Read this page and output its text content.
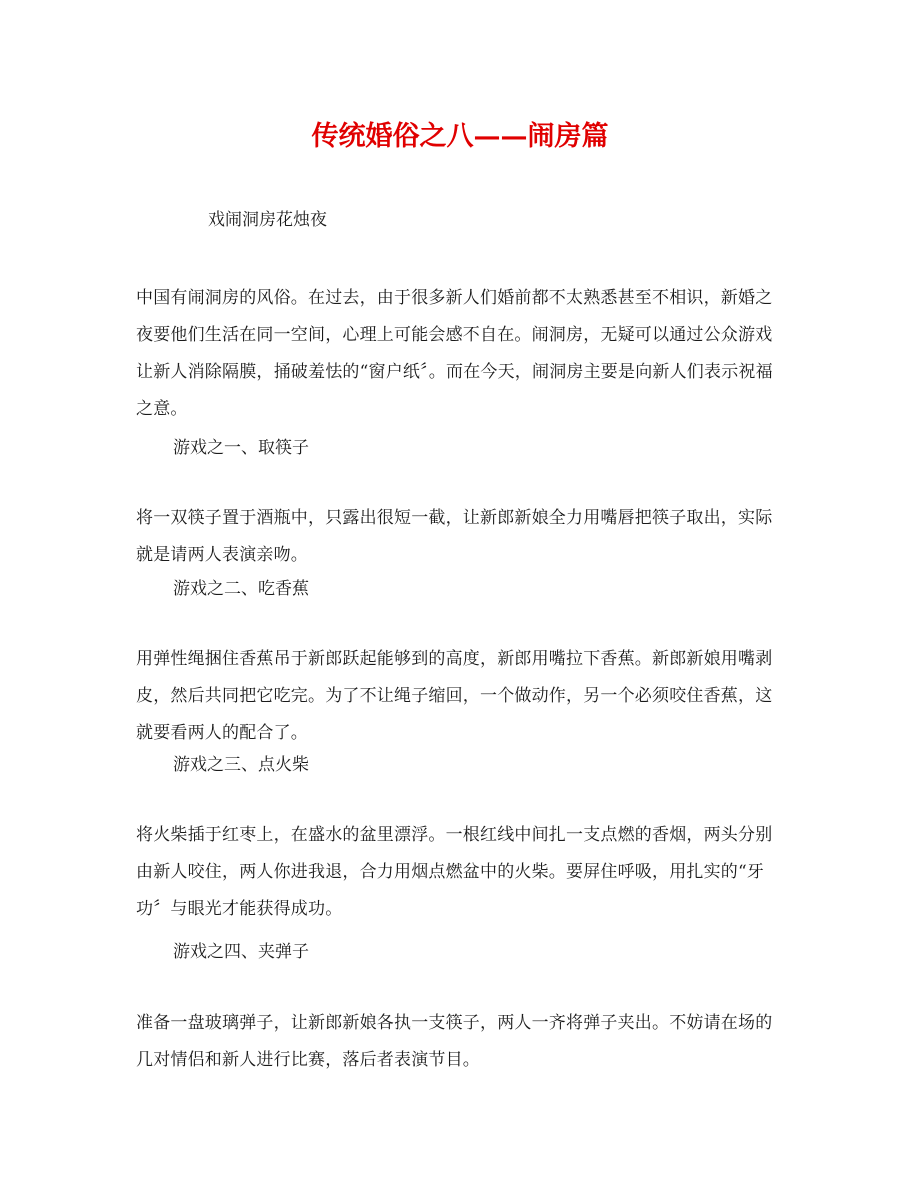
传统婚俗之八——闹房篇
戏闹洞房花烛夜

中国有闹洞房的风俗。在过去，由于很多新人们婚前都不太熟悉甚至不相识，新婚之夜要他们生活在同一空间，心理上可能会感不自在。闹洞房，无疑可以通过公众游戏让新人消除隔膜，捅破羞怯的“窗户纸〞。而在今天，闹洞房主要是向新人们表示祝福之意。

游戏之一、取筷子

将一双筷子置于酒瓶中，只露出很短一截，让新郎新娘全力用嘴唇把筷子取出，实际就是请两人表演亲吻。

游戏之二、吃香蕉

用弹性绳捆住香蕉吊于新郎跃起能够到的高度，新郎用嘴拉下香蕉。新郎新娘用嘴剥皮，然后共同把它吃完。为了不让绳子缩回，一个做动作，另一个必须咬住香蕉，这就要看两人的配合了。

游戏之三、点火柴

将火柴插于红枣上，在盛水的盆里漂浮。一根红线中间扎一支点燃的香烟，两头分别由新人咬住，两人你进我退，合力用烟点燃盆中的火柴。要屏住呼吸，用扎实的“牙功〞与眼光才能获得成功。

游戏之四、夹弹子

准备一盘玻璃弹子，让新郎新娘各执一支筷子，两人一齐将弹子夹出。不妨请在场的几对情侣和新人进行比赛，落后者表演节目。
